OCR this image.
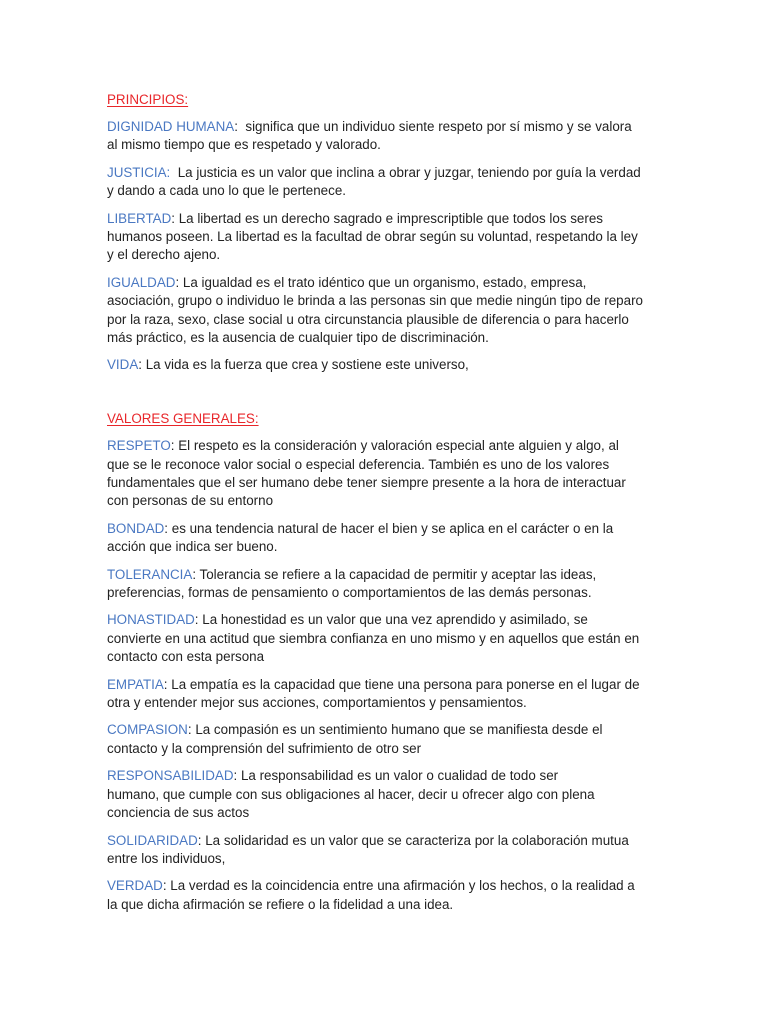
PRINCIPIOS:
DIGNIDAD HUMANA:  significa que un individuo siente respeto por sí mismo y se valora
al mismo tiempo que es respetado y valorado.
JUSTICIA: La justicia es un valor que inclina a obrar y juzgar, teniendo por guía la verdad
y dando a cada uno lo que le pertenece.
LIBERTAD: La libertad es un derecho sagrado e imprescriptible que todos los seres
humanos poseen. La libertad es la facultad de obrar según su voluntad, respetando la ley
y el derecho ajeno.
IGUALDAD: La igualdad es el trato idéntico que un organismo, estado, empresa,
asociación, grupo o individuo le brinda a las personas sin que medie ningún tipo de reparo
por la raza, sexo, clase social u otra circunstancia plausible de diferencia o para hacerlo
más práctico, es la ausencia de cualquier tipo de discriminación.
VIDA: La vida es la fuerza que crea y sostiene este universo,
VALORES GENERALES:
RESPETO: El respeto es la consideración y valoración especial ante alguien y algo, al
que se le reconoce valor social o especial deferencia. También es uno de los valores
fundamentales que el ser humano debe tener siempre presente a la hora de interactuar
con personas de su entorno
BONDAD: es una tendencia natural de hacer el bien y se aplica en el carácter o en la
acción que indica ser bueno.
TOLERANCIA: Tolerancia se refiere a la capacidad de permitir y aceptar las ideas,
preferencias, formas de pensamiento o comportamientos de las demás personas.
HONASTIDAD: La honestidad es un valor que una vez aprendido y asimilado, se
convierte en una actitud que siembra confianza en uno mismo y en aquellos que están en
contacto con esta persona
EMPATIA: La empatía es la capacidad que tiene una persona para ponerse en el lugar de
otra y entender mejor sus acciones, comportamientos y pensamientos.
COMPASION: La compasión es un sentimiento humano que se manifiesta desde el
contacto y la comprensión del sufrimiento de otro ser
RESPONSABILIDAD: La responsabilidad es un valor o cualidad de todo ser
humano, que cumple con sus obligaciones al hacer, decir u ofrecer algo con plena
conciencia de sus actos
SOLIDARIDAD: La solidaridad es un valor que se caracteriza por la colaboración mutua
entre los individuos,
VERDAD: La verdad es la coincidencia entre una afirmación y los hechos, o la realidad a
la que dicha afirmación se refiere o la fidelidad a una idea.
